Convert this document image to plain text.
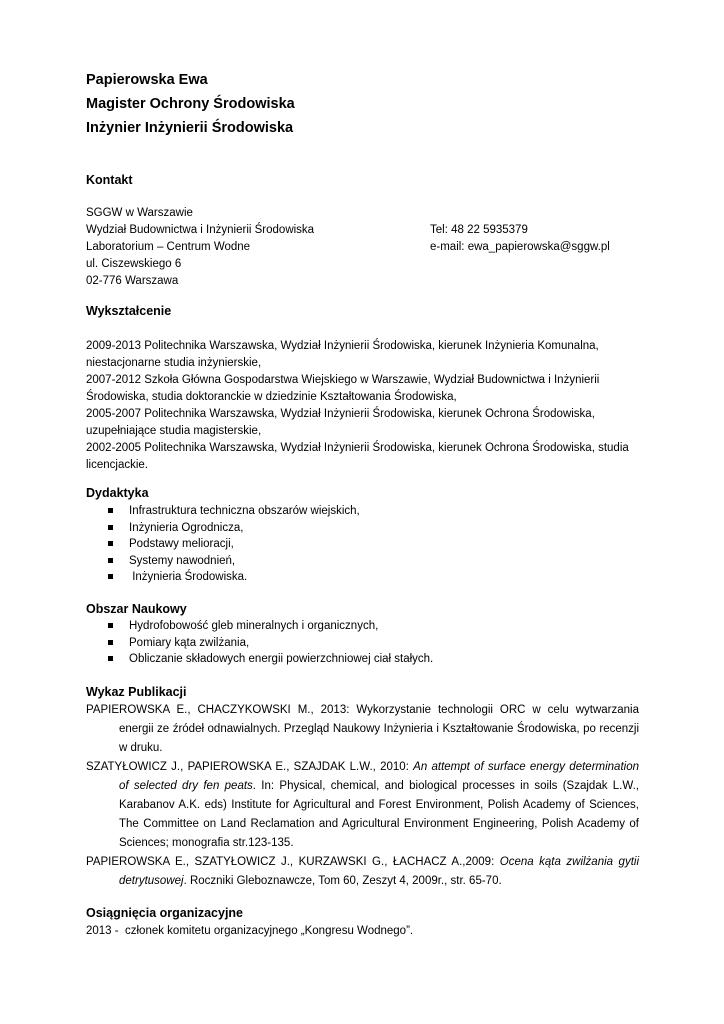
Papierowska Ewa
Magister Ochrony Środowiska
Inżynier Inżynierii Środowiska
Kontakt
SGGW w Warszawie
Wydział Budownictwa i Inżynierii Środowiska
Laboratorium – Centrum Wodne
ul. Ciszewskiego 6
02-776 Warszawa
Tel: 48 22 5935379
e-mail: ewa_papierowska@sggw.pl
Wykształcenie
2009-2013 Politechnika Warszawska, Wydział Inżynierii Środowiska, kierunek Inżynieria Komunalna, niestacjonarne studia inżynierskie,
2007-2012 Szkoła Główna Gospodarstwa Wiejskiego w Warszawie, Wydział Budownictwa i Inżynierii Środowiska, studia doktoranckie w dziedzinie Kształtowania Środowiska,
2005-2007 Politechnika Warszawska, Wydział Inżynierii Środowiska, kierunek Ochrona Środowiska, uzupełniające studia magisterskie,
2002-2005 Politechnika Warszawska, Wydział Inżynierii Środowiska, kierunek Ochrona Środowiska, studia licencjackie.
Dydaktyka
Infrastruktura techniczna obszarów wiejskich,
Inżynieria Ogrodnicza,
Podstawy melioracji,
Systemy nawodnień,
Inżynieria Środowiska.
Obszar Naukowy
Hydrofobowość gleb mineralnych i organicznych,
Pomiary kąta zwilżania,
Obliczanie składowych energii powierzchniowej ciał stałych.
Wykaz Publikacji
PAPIEROWSKA E., CHACZYKOWSKI M., 2013: Wykorzystanie technologii ORC w celu wytwarzania energii ze źródeł odnawialnych. Przegląd Naukowy Inżynieria i Kształtowanie Środowiska, po recenzji w druku.
SZATYŁOWICZ J., PAPIEROWSKA E., SZAJDAK L.W., 2010: An attempt of surface energy determination of selected dry fen peats. In: Physical, chemical, and biological processes in soils (Szajdak L.W., Karabanov A.K. eds) Institute for Agricultural and Forest Environment, Polish Academy of Sciences, The Committee on Land Reclamation and Agricultural Environment Engineering, Polish Academy of Sciences; monografia str.123-135.
PAPIEROWSKA E., SZATYŁOWICZ J., KURZAWSKI G., ŁACHACZ A.,2009: Ocena kąta zwilżania gytii detrytusowej. Roczniki Gleboznawcze, Tom 60, Zeszyt 4, 2009r., str. 65-70.
Osiągnięcia organizacyjne
2013 -  członek komitetu organizacyjnego „Kongresu Wodnego”.
